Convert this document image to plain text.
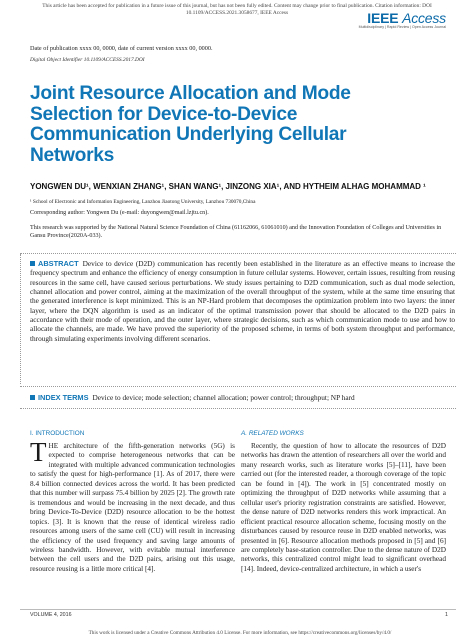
This article has been accepted for publication in a future issue of this journal, but has not been fully edited. Content may change prior to final publication. Citation information: DOI
10.1109/ACCESS.2021.3058677, IEEE Access	IEEE Access
Multidisciplinary | Rapid Review | Open Access Journal
Date of publication xxxx 00, 0000, date of current version xxxx 00, 0000.
Digital Object Identifier 10.1109/ACCESS.2017.DOI
Joint Resource Allocation and Mode Selection for Device-to-Device Communication Underlying Cellular Networks
YONGWEN DU¹, WENXIAN ZHANG¹, SHAN WANG¹, JINZONG XIA¹, AND HYTHEIM ALHAG MOHAMMAD ¹
¹ School of Electronic and Information Engineering, Lanzhou Jiaotong University, Lanzhou 730070,China
Corresponding author: Yongwen Du (e-mail: duyongwen@mail.lzjtu.cn).
This research was supported by the National Natural Science Foundation of China (61162066, 61061010) and the Innovation Foundation of Colleges and Universities in Gansu Province(2020A-033).
ABSTRACT Device to device (D2D) communication has recently been established in the literature as an effective means to increase the frequency spectrum and enhance the efficiency of energy consumption in future cellular systems. However, certain issues, resulting from reusing resources in the same cell, have caused serious perturbations. We study issues pertaining to D2D communication, such as dual mode selection, channel allocation and power control, aiming at the maximization of the overall throughput of the system, while at the same time ensuring that the generated interference is kept minimized. This is an NP-Hard problem that decomposes the optimization problem into two layers: the inner layer, where the DQN algorithm is used as an indicator of the optimal transmission power that should be allocated to the D2D pairs in accordance with their mode of operation, and the outer layer, where strategic decisions, such as which communication mode to use and how to allocate the channels, are made. We have proved the superiority of the proposed scheme, in terms of both system throughput and performance, through simulating experiments involving different scenarios.
INDEX TERMS Device to device; mode selection; channel allocation; power control; throughput; NP hard
I. INTRODUCTION	A. RELATED WORKS
THE architecture of the fifth-generation networks (5G) is expected to comprise heterogeneous networks that can be integrated with multiple advanced communication technologies to satisfy the quest for high-performance [1]. As of 2017, there were 8.4 billion connected devices across the world. It has been predicted that this number will surpass 75.4 billion by 2025 [2]. The growth rate is tremendous and would be increasing in the next decade, and thus bring Device-To-Device (D2D) resource allocation to be the hottest topics. [3]. It is known that the reuse of identical wireless radio resources among users of the same cell (CU) will result in increasing the efficiency of the used frequency and saving large amounts of wireless bandwidth. However, with evitable mutual interference between the cell users and the D2D pairs, arising out this usage, resource reusing is a little more critical [4].
Recently, the question of how to allocate the resources of D2D networks has drawn the attention of researchers all over the world and many research works, such as literature works [5]–[11], have been carried out (for the interested reader, a thorough coverage of the topic can be found in [4]). The work in [5] concentrated mostly on optimizing the throughput of D2D networks while assuming that a cellular user's priority registration constraints are satisfied. However, the dense nature of D2D networks renders this work impractical. An efficient practical resource allocation scheme, focusing mostly on the disturbances caused by resource reuse in D2D enabled networks, was presented in [6]. Resource allocation methods proposed in [5] and [6] are completely base-station controller. Due to the dense nature of D2D networks, this centralized control might lead to significant overhead [14]. Indeed, device-centralized architecture, in which a user's
VOLUME 4, 2016	1
This work is licensed under a Creative Commons Attribution 4.0 License. For more information, see https://creativecommons.org/licenses/by/4.0/
